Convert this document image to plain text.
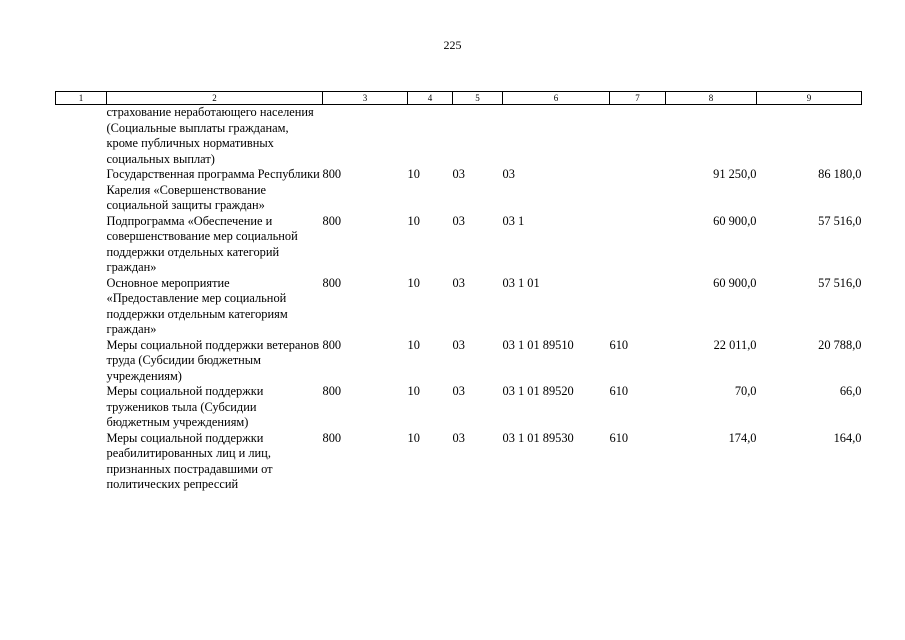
225
1	2	3	4	5	6	7	8	9
	страхование неработающего населения (Социальные выплаты гражданам, кроме публичных нормативных социальных выплат)							
	Государственная программа Республики Карелия «Совершенствование социальной защиты граждан»	800	10	03	03		91 250,0	86 180,0
	Подпрограмма «Обеспечение и совершенствование мер социальной поддержки отдельных категорий граждан»	800	10	03	03 1		60 900,0	57 516,0
	Основное мероприятие «Предоставление мер социальной поддержки отдельным категориям граждан»	800	10	03	03 1 01		60 900,0	57 516,0
	Меры социальной поддержки ветеранов труда (Субсидии бюджетным учреждениям)	800	10	03	03 1 01 89510	610	22 011,0	20 788,0
	Меры социальной поддержки тружеников тыла (Субсидии бюджетным учреждениям)	800	10	03	03 1 01 89520	610	70,0	66,0
	Меры социальной поддержки реабилитированных лиц и лиц, признанных пострадавшими от политических репрессий	800	10	03	03 1 01 89530	610	174,0	164,0
